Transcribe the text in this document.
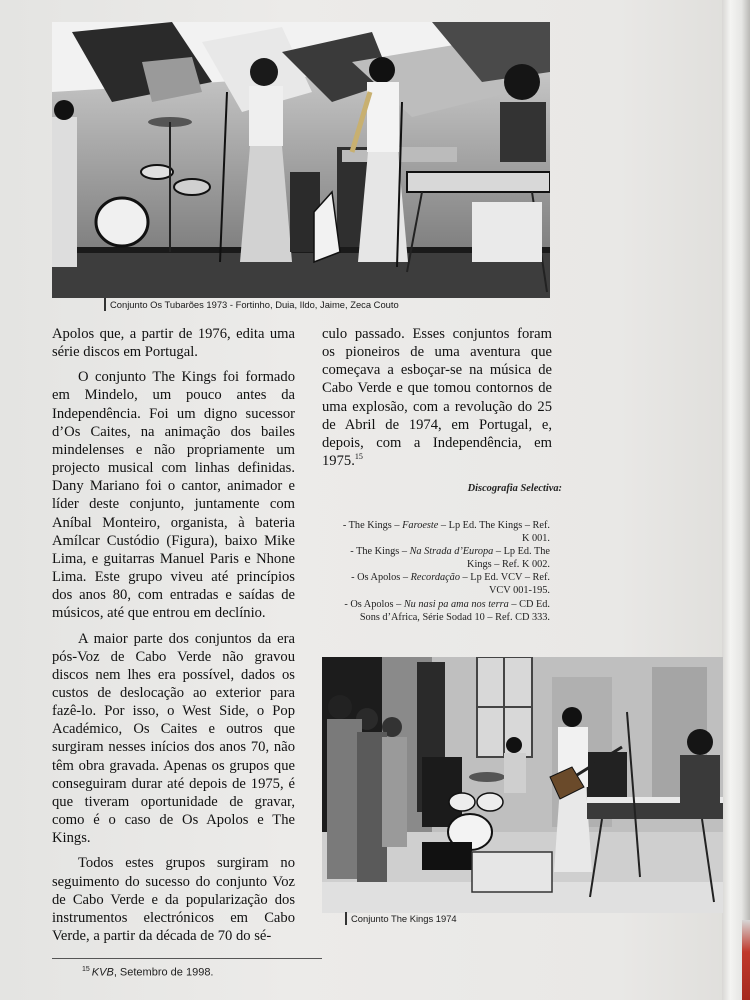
Conjunto Os Tubarões 1973 - Fortinho, Duia, Ildo, Jaime, Zeca Couto

Apolos que, a partir de 1976, edita uma série discos em Portugal.

O conjunto The Kings foi formado em Mindelo, um pouco antes da Independência. Foi um digno sucessor d’Os Caites, na animação dos bailes mindelenses e não propriamente um projecto musical com linhas definidas. Dany Mariano foi o cantor, animador e líder deste conjunto, juntamente com Aníbal Monteiro, organista, à bateria Amílcar Custódio (Figura), baixo Mike Lima, e guitarras Manuel Paris e Nhone Lima. Este grupo viveu até princípios dos anos 80, com entradas e saídas de músicos, até que entrou em declínio.

A maior parte dos conjuntos da era pós-Voz de Cabo Verde não gravou discos nem lhes era possível, dados os custos de deslocação ao exterior para fazê-lo. Por isso, o West Side, o Pop Académico, Os Caites e outros que surgiram nesses inícios dos anos 70, não têm obra gravada. Apenas os grupos que conseguiram durar até depois de 1975, é que tiveram oportunidade de gravar, como é o caso de Os Apolos e The Kings.

Todos estes grupos surgiram no seguimento do sucesso do conjunto Voz de Cabo Verde e da popularização dos instrumentos electrónicos em Cabo Verde, a partir da década de 70 do sé-

culo passado. Esses conjuntos foram os pioneiros de uma aventura que começava a esboçar-se na música de Cabo Verde e que tomou contornos de uma explosão, com a revolução do 25 de Abril de 1974, em Portugal, e, depois, com a Independência, em 1975.15

Discografia Selectiva:
- The Kings – Faroeste – Lp Ed. The Kings – Ref.
K 001.
- The Kings – Na Strada d’Europa – Lp Ed. The
Kings – Ref. K 002.
- Os Apolos – Recordação – Lp Ed. VCV – Ref.
VCV 001-195.
- Os Apolos – Nu nasi pa ama nos terra – CD Ed.
Sons d’Africa, Série Sodad 10 – Ref. CD 333.
Conjunto The Kings 1974
$^{15}$ KVB, Setembro de 1998.
